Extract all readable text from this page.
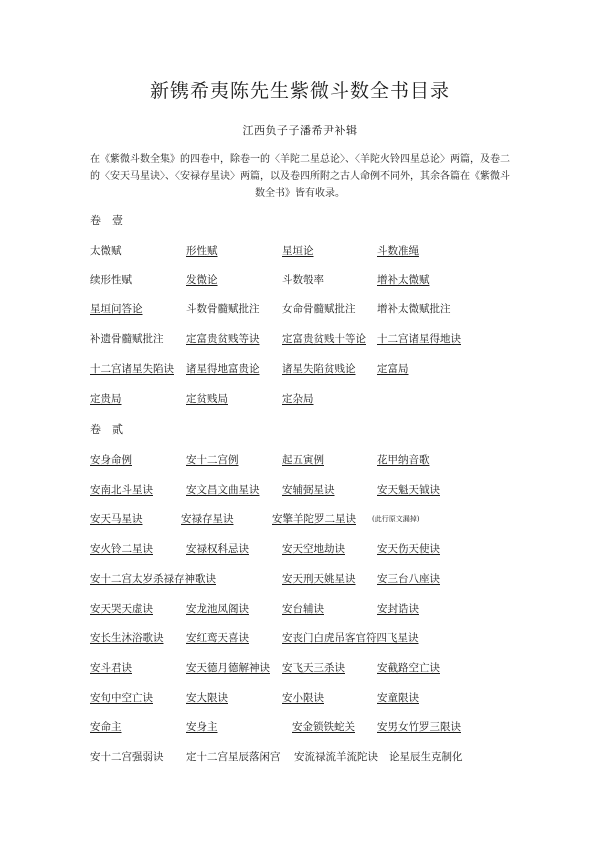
新镌希夷陈先生紫微斗数全书目录
江西负子子潘希尹补辑
在《紫微斗数全集》的四卷中，除卷一的〈羊陀二星总论〉、〈羊陀火铃四星总论〉两篇，及卷二的〈安天马星诀〉、〈安禄存星诀〉两篇，以及卷四所附之古人命例不同外，其余各篇在《紫微斗数全书》皆有收录。
卷　壹
太微赋	形性赋	星垣论	斗数准绳
续形性赋	发微论	斗数彀率	增补太微赋
星垣问答论	斗数骨髓赋批注 女命骨髓赋批注 增补太微赋批注
补遗骨髓赋批注 定富贵贫贱等诀 定富贵贫贱十等论 十二宫诸星得地诀
十二宫诸星失陷诀 诸星得地富贵论 诸星失陷贫贱论 定富局
定贵局	定贫贱局	定杂局
卷　贰
安身命例	安十二宫例	起五寅例	花甲纳音歌
安南北斗星诀	安文昌文曲星诀 安辅弼星诀	安天魁天钺诀
安天马星诀	安禄存星诀	安擎羊陀罗二星诀 (此行原文漏掉)
安火铃二星诀	安禄权科忌诀	安天空地劫诀	安天伤天使诀
安十二宫太岁杀禄存神歌诀	安天刑天姚星诀 安三台八座诀
安天哭天虚诀	安龙池凤阁诀	安台辅诀	安封诰诀
安长生沐浴歌诀 安红鸾天喜诀	安丧门白虎吊客官符四飞星诀
安斗君诀	安天德月德解神诀 安飞天三杀诀	安截路空亡诀
安旬中空亡诀	安大限诀	安小限诀	安童限诀
安命主	安身主	安金锁铁蛇关 安男女竹罗三限诀
安十二宫强弱诀 定十二宫星辰落闲宫 安流禄流羊流陀诀 论星辰生克制化
